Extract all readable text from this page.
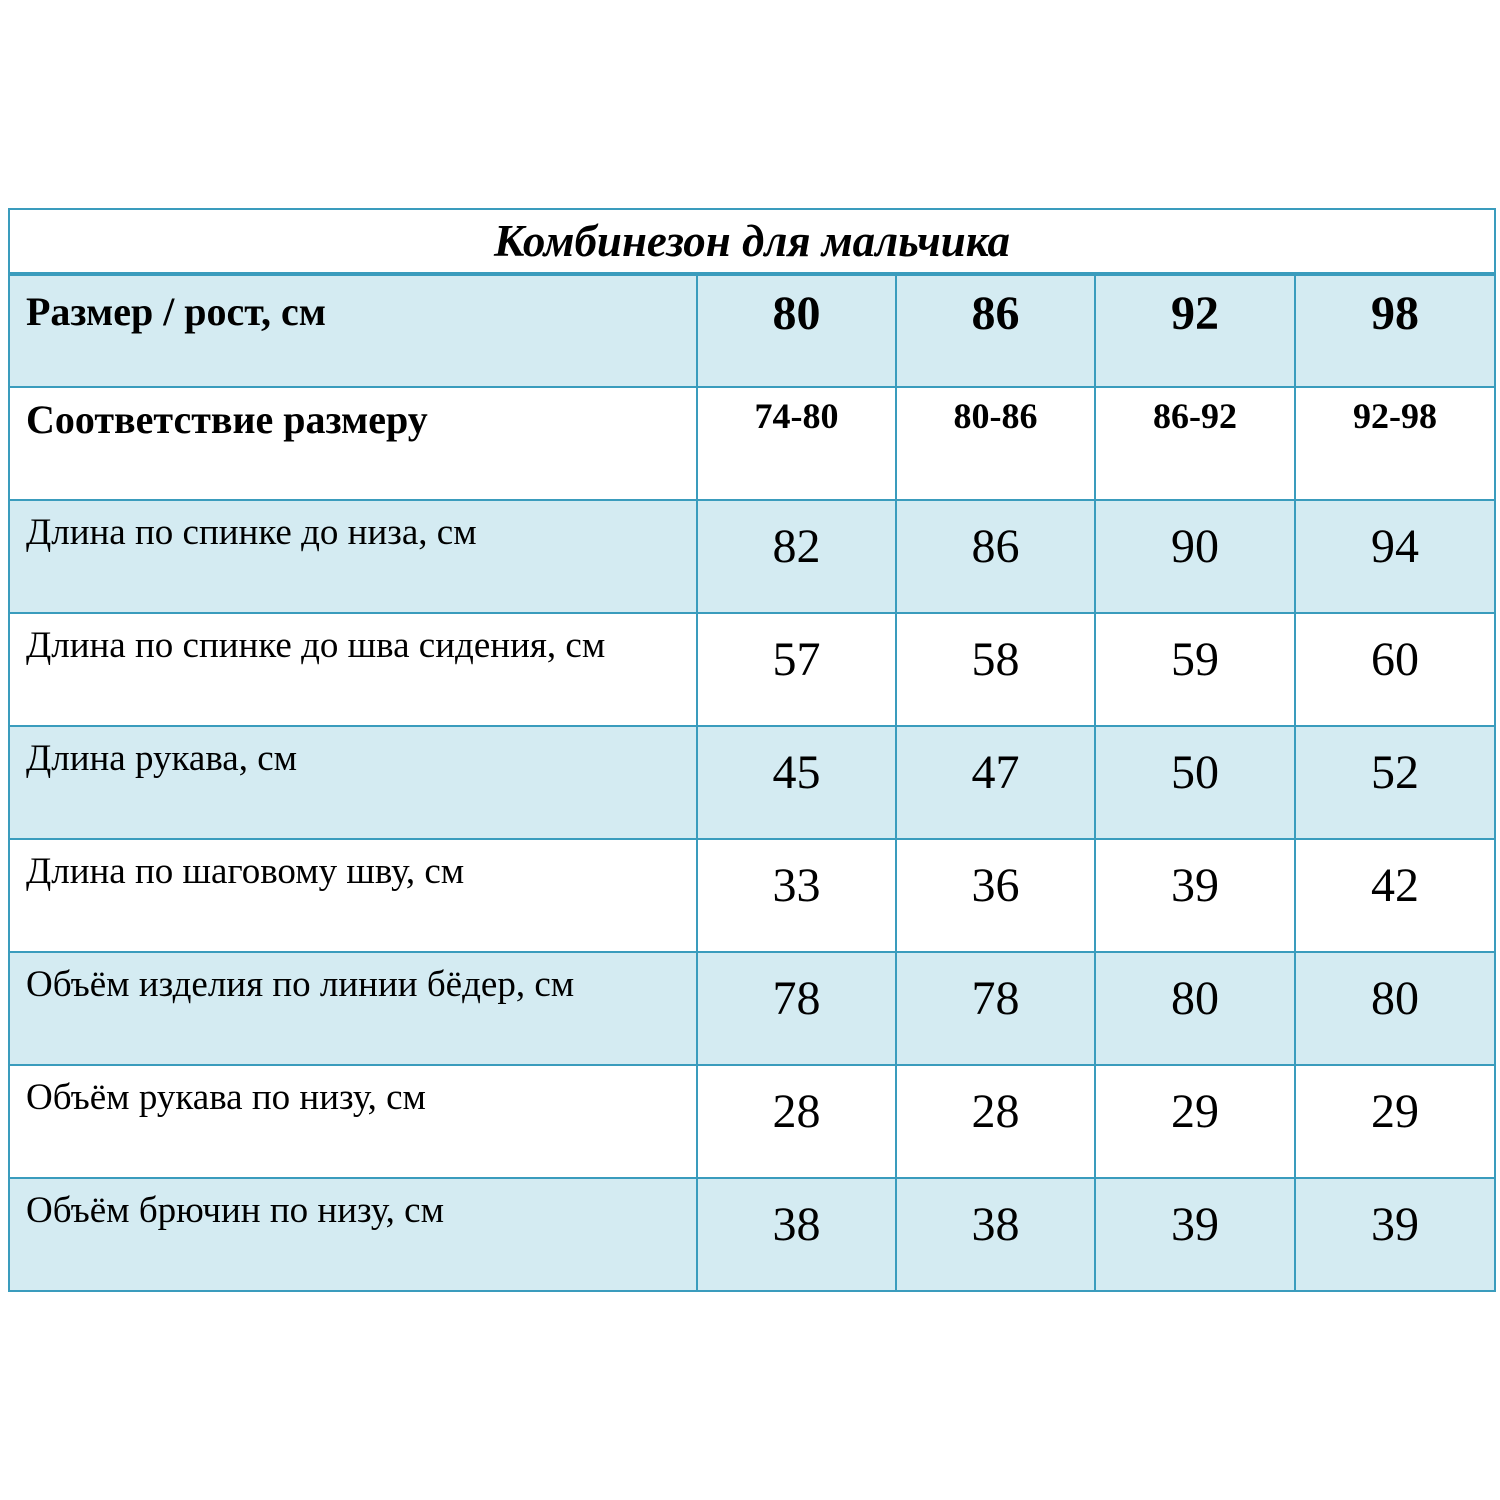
Комбинезон для мальчика				
Размер / рост, см	80	86	92	98
Соответствие размеру	74-80	80-86	86-92	92-98
Длина по спинке до низа, см	82	86	90	94
Длина по спинке до шва сидения, см	57	58	59	60
Длина рукава, см	45	47	50	52
Длина по шаговому шву, см	33	36	39	42
Объём изделия по линии бёдер, см	78	78	80	80
Объём рукава по низу, см	28	28	29	29
Объём брючин по низу, см	38	38	39	39
